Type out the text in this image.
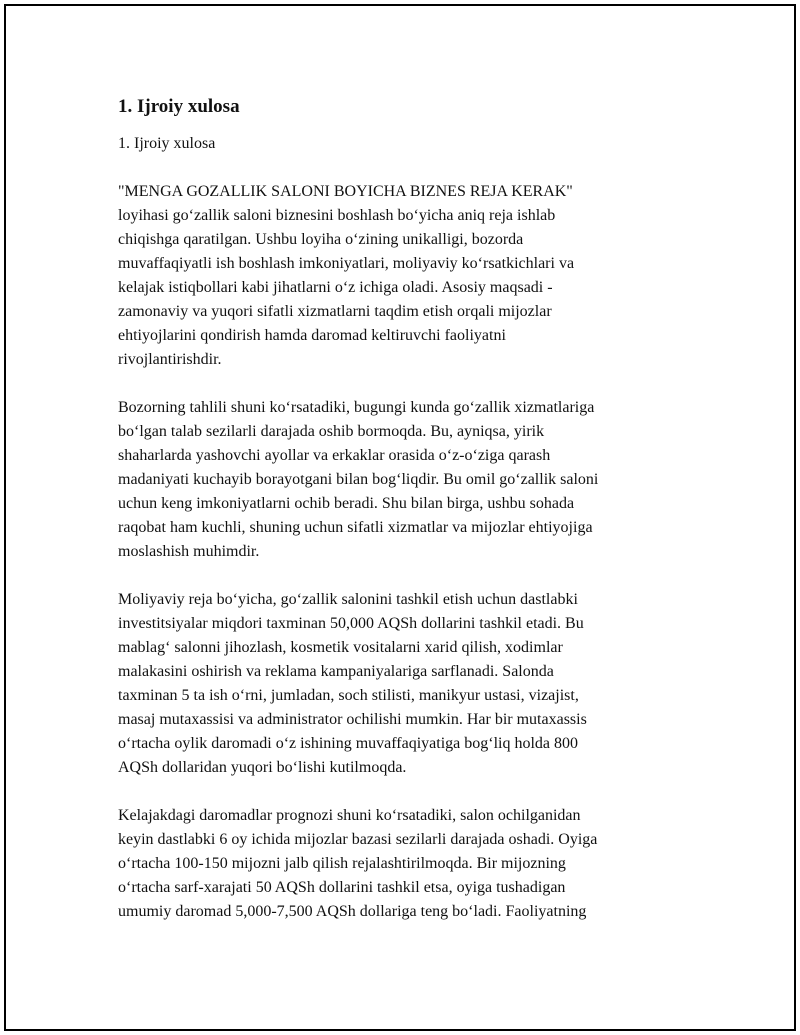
1. Ijroiy xulosa
1. Ijroiy xulosa

"MENGA GOZALLIK SALONI BOYICHA BIZNES REJA KERAK"
loyihasi go‘zallik saloni biznesini boshlash bo‘yicha aniq reja ishlab
chiqishga qaratilgan. Ushbu loyiha o‘zining unikalligi, bozorda
muvaffaqiyatli ish boshlash imkoniyatlari, moliyaviy ko‘rsatkichlari va
kelajak istiqbollari kabi jihatlarni o‘z ichiga oladi. Asosiy maqsadi -
zamonaviy va yuqori sifatli xizmatlarni taqdim etish orqali mijozlar
ehtiyojlarini qondirish hamda daromad keltiruvchi faoliyatni
rivojlantirishdir.

Bozorning tahlili shuni ko‘rsatadiki, bugungi kunda go‘zallik xizmatlariga
bo‘lgan talab sezilarli darajada oshib bormoqda. Bu, ayniqsa, yirik
shaharlarda yashovchi ayollar va erkaklar orasida o‘z-o‘ziga qarash
madaniyati kuchayib borayotgani bilan bog‘liqdir. Bu omil go‘zallik saloni
uchun keng imkoniyatlarni ochib beradi. Shu bilan birga, ushbu sohada
raqobat ham kuchli, shuning uchun sifatli xizmatlar va mijozlar ehtiyojiga
moslashish muhimdir.

Moliyaviy reja bo‘yicha, go‘zallik salonini tashkil etish uchun dastlabki
investitsiyalar miqdori taxminan 50,000 AQSh dollarini tashkil etadi. Bu
mablag‘ salonni jihozlash, kosmetik vositalarni xarid qilish, xodimlar
malakasini oshirish va reklama kampaniyalariga sarflanadi. Salonda
taxminan 5 ta ish o‘rni, jumladan, soch stilisti, manikyur ustasi, vizajist,
masaj mutaxassisi va administrator ochilishi mumkin. Har bir mutaxassis
o‘rtacha oylik daromadi o‘z ishining muvaffaqiyatiga bog‘liq holda 800
AQSh dollaridan yuqori bo‘lishi kutilmoqda.

Kelajakdagi daromadlar prognozi shuni ko‘rsatadiki, salon ochilganidan
keyin dastlabki 6 oy ichida mijozlar bazasi sezilarli darajada oshadi. Oyiga
o‘rtacha 100-150 mijozni jalb qilish rejalashtirilmoqda. Bir mijozning
o‘rtacha sarf-xarajati 50 AQSh dollarini tashkil etsa, oyiga tushadigan
umumiy daromad 5,000-7,500 AQSh dollariga teng bo‘ladi. Faoliyatning
